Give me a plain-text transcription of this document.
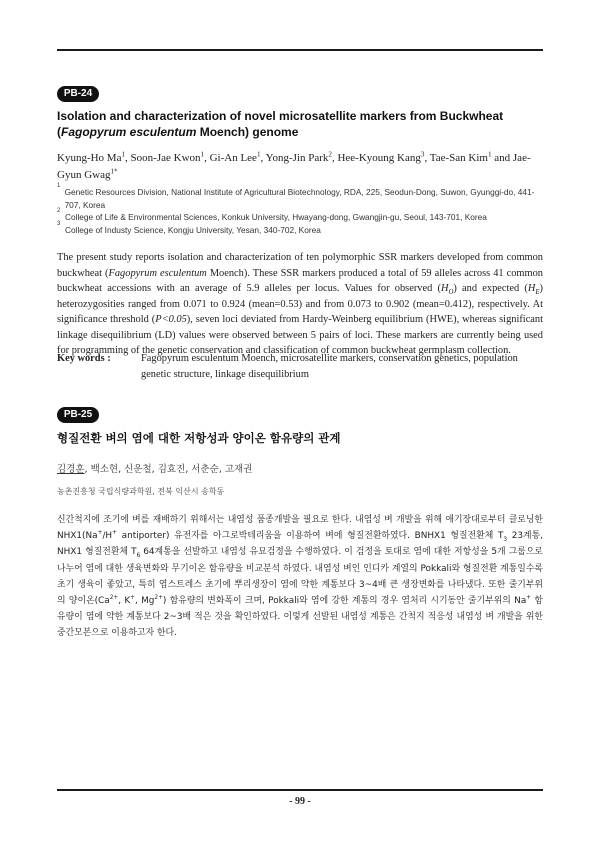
PB-24
Isolation and characterization of novel microsatellite markers from Buckwheat
(Fagopyrum esculentum Moench) genome
Kyung-Ho Ma$^1$, Soon-Jae Kwon$^1$, Gi-An Lee$^1$, Yong-Jin Park$^2$, Hee-Kyoung Kang$^3$, Tae-San Kim$^1$ and Jae-Gyun Gwag$^{1*}$
1
Genetic Resources Division, National Institute of Agricultural Biotechnology, RDA, 225, Seodun-Dong, Suwon, Gyunggi-do, 441-707, Korea
2
College of Life & Environmental Sciences, Konkuk University, Hwayang-dong, Gwangjin-gu, Seoul, 143-701, Korea
3
College of Industy Science, Kongju University, Yesan, 340-702, Korea
The present study reports isolation and characterization of ten polymorphic SSR markers developed from common buckwheat (Fagopyrum esculentum Moench). These SSR markers produced a total of 59 alleles across 41 common buckwheat accessions with an average of 5.9 alleles per locus. Values for observed $(H_O)$ and expected $(H_E)$ heterozygosities ranged from 0.071 to 0.924 (mean=0.53) and from 0.073 to 0.902 (mean=0.412), respectively. At significance threshold (P<0.05), seven loci deviated from Hardy-Weinberg equilibrium (HWE), whereas significant linkage disequilibrium (LD) values were observed between 5 pairs of loci. These markers are currently being used for programming of the genetic conservation and classification of common buckwheat germplasm collection.
Key words :	Fagopyrum esculentum Moench, microsatellite markers, conservation genetics, population genetic structure, linkage disequilibrium
PB-25
형질전환 벼의 염에 대한 저항성과 양이온 함유량의 관계
김경훈, 백소현, 신운철, 김효진, 서춘순, 고재권
농촌진흥청 국립식량과학원, 전북 익산시 송학동
신간척지에 조기에 벼를 재배하기 위해서는 내염성 품종개발을 필요로 한다. 내염성 벼 개발을 위해 애기장대로부터 클로닝한 NHX1(Na+/H+ antiporter) 유전자를 아그로박테리움을 이용하여 벼에 형질전환하였다. BNHX1 형질전환체 $T_3$ 23계통, NHX1 형질전환체 $T_6$ 64계통을 선발하고 내염성 유묘검정을 수행하였다. 이 검정을 토대로 염에 대한 저항성을 5개 그룹으로 나누어 염에 대한 생육변화와 무기이온 함유량을 비교분석 하였다. 내염성 벼인 인디카 계열의 Pokkali와 형질전환 계통일수록 초기 생육이 좋았고, 특히 엽스트레스 초기에 뿌리생장이 염에 약한 계통보다 3~4배 큰 생장변화를 나타냈다. 또한 줄기부위의 양이온($Ca^{2+}$, K+, $Mg^{2+}$) 함유량의 변화폭이 크며, Pokkali와 염에 강한 계통의 경우 염처리 시기동안 줄기부위의 Na+ 함유량이 염에 약한 계통보다 2~3배 적은 것을 확인하였다. 이렇게 선발된 내염성 계통은 간척지 적응성 내염성 벼 개발을 위한 중간모본으로 이용하고자 한다.
- 99 -
